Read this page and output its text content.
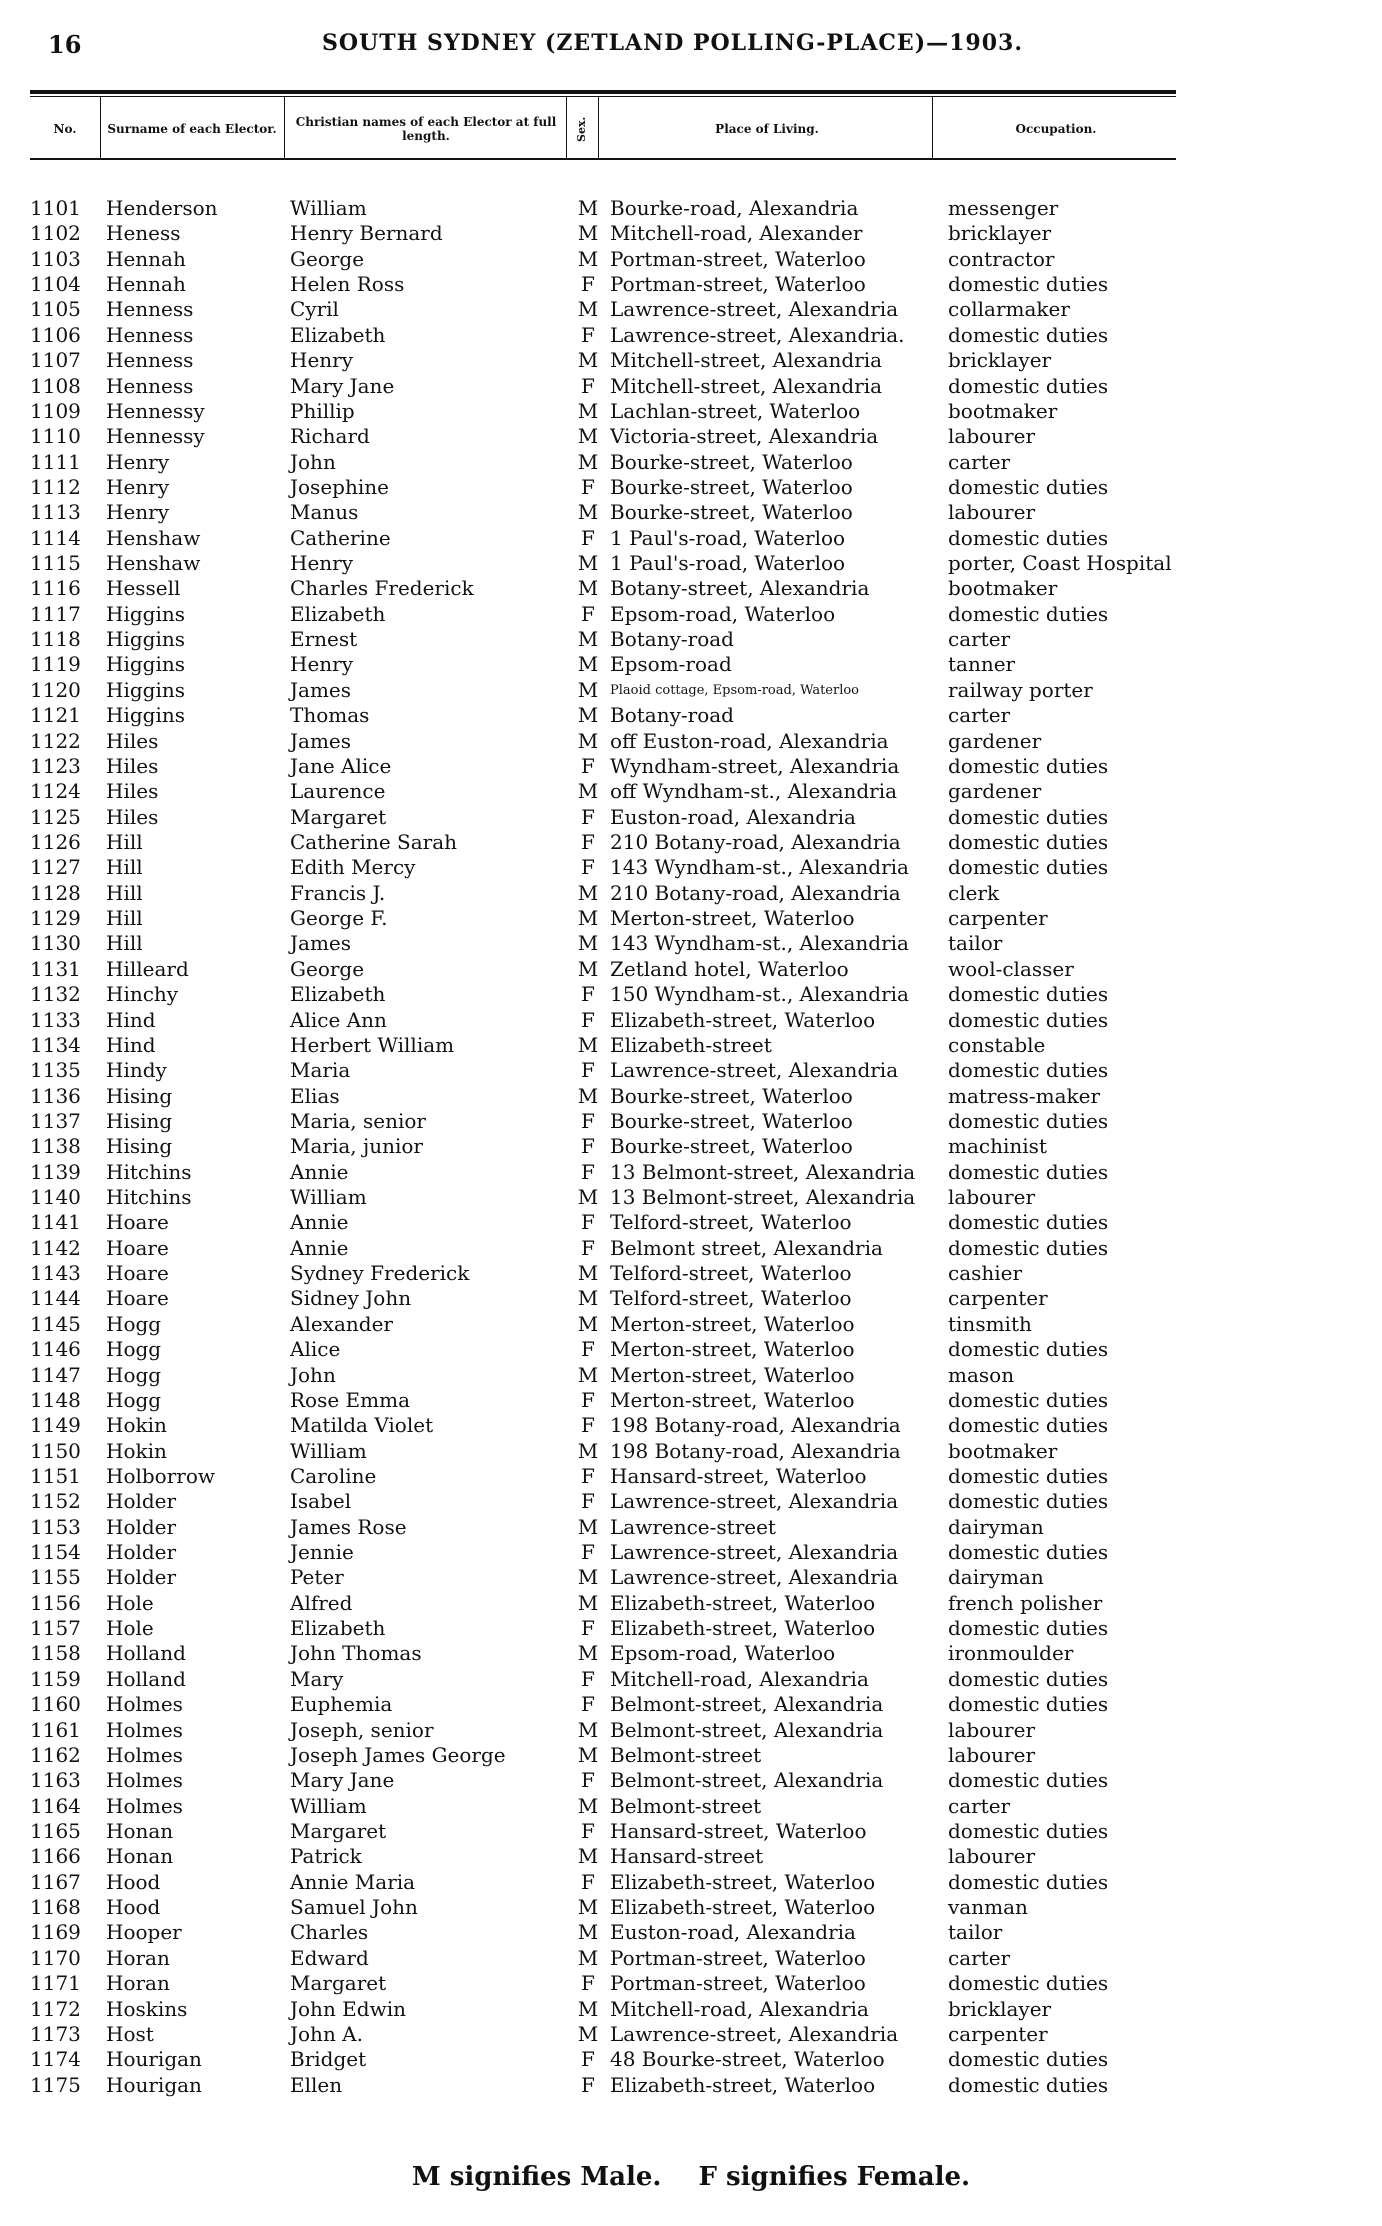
16	SOUTH SYDNEY (ZETLAND POLLING-PLACE)—1903.
No.	Surname of each Elector.	Christian names of each Elector at full length.	Sex.	Place of Living.	Occupation.
1101	Henderson	William	M Bourke-road, Alexandria	messenger
1102	Heness	Henry Bernard	M Mitchell-road, Alexander	bricklayer
1103	Hennah	George	M Portman-street, Waterloo	contractor
1104	Hennah	Helen Ross	F Portman-street, Waterloo	domestic duties
1105	Henness	Cyril	M Lawrence-street, Alexandria	collarmaker
1106	Henness	Elizabeth	F Lawrence-street, Alexandria.	domestic duties
1107	Henness	Henry	M Mitchell-street, Alexandria	bricklayer
1108	Henness	Mary Jane	F Mitchell-street, Alexandria	domestic duties
1109	Hennessy	Phillip	M Lachlan-street, Waterloo	bootmaker
1110	Hennessy	Richard	M Victoria-street, Alexandria	labourer
1111	Henry	John	M Bourke-street, Waterloo	carter
1112	Henry	Josephine	F Bourke-street, Waterloo	domestic duties
1113	Henry	Manus	M Bourke-street, Waterloo	labourer
1114	Henshaw	Catherine	F 1 Paul's-road, Waterloo	domestic duties
1115	Henshaw	Henry	M 1 Paul's-road, Waterloo	porter, Coast Hospital
1116	Hessell	Charles Frederick	M Botany-street, Alexandria	bootmaker
1117	Higgins	Elizabeth	F Epsom-road, Waterloo	domestic duties
1118	Higgins	Ernest	M Botany-road	carter
1119	Higgins	Henry	M Epsom-road	tanner
1120	Higgins	James	M Plaoid cottage, Epsom-road, Waterloo	railway porter
1121	Higgins	Thomas	M Botany-road	carter
1122	Hiles	James	M off Euston-road, Alexandria	gardener
1123	Hiles	Jane Alice	F Wyndham-street, Alexandria	domestic duties
1124	Hiles	Laurence	M off Wyndham-st., Alexandria	gardener
1125	Hiles	Margaret	F Euston-road, Alexandria	domestic duties
1126	Hill	Catherine Sarah	F 210 Botany-road, Alexandria	domestic duties
1127	Hill	Edith Mercy	F 143 Wyndham-st., Alexandria	domestic duties
1128	Hill	Francis J.	M 210 Botany-road, Alexandria	clerk
1129	Hill	George F.	M Merton-street, Waterloo	carpenter
1130	Hill	James	M 143 Wyndham-st., Alexandria	tailor
1131	Hilleard	George	M Zetland hotel, Waterloo	wool-classer
1132	Hinchy	Elizabeth	F 150 Wyndham-st., Alexandria	domestic duties
1133	Hind	Alice Ann	F Elizabeth-street, Waterloo	domestic duties
1134	Hind	Herbert William	M Elizabeth-street	constable
1135	Hindy	Maria	F Lawrence-street, Alexandria	domestic duties
1136	Hising	Elias	M Bourke-street, Waterloo	matress-maker
1137	Hising	Maria, senior	F Bourke-street, Waterloo	domestic duties
1138	Hising	Maria, junior	F Bourke-street, Waterloo	machinist
1139	Hitchins	Annie	F 13 Belmont-street, Alexandria	domestic duties
1140	Hitchins	William	M 13 Belmont-street, Alexandria	labourer
1141	Hoare	Annie	F Telford-street, Waterloo	domestic duties
1142	Hoare	Annie	F Belmont street, Alexandria	domestic duties
1143	Hoare	Sydney Frederick	M Telford-street, Waterloo	cashier
1144	Hoare	Sidney John	M Telford-street, Waterloo	carpenter
1145	Hogg	Alexander	M Merton-street, Waterloo	tinsmith
1146	Hogg	Alice	F Merton-street, Waterloo	domestic duties
1147	Hogg	John	M Merton-street, Waterloo	mason
1148	Hogg	Rose Emma	F Merton-street, Waterloo	domestic duties
1149	Hokin	Matilda Violet	F 198 Botany-road, Alexandria	domestic duties
1150	Hokin	William	M 198 Botany-road, Alexandria	bootmaker
1151	Holborrow	Caroline	F Hansard-street, Waterloo	domestic duties
1152	Holder	Isabel	F Lawrence-street, Alexandria	domestic duties
1153	Holder	James Rose	M Lawrence-street	dairyman
1154	Holder	Jennie	F Lawrence-street, Alexandria	domestic duties
1155	Holder	Peter	M Lawrence-street, Alexandria	dairyman
1156	Hole	Alfred	M Elizabeth-street, Waterloo	french polisher
1157	Hole	Elizabeth	F Elizabeth-street, Waterloo	domestic duties
1158	Holland	John Thomas	M Epsom-road, Waterloo	ironmoulder
1159	Holland	Mary	F Mitchell-road, Alexandria	domestic duties
1160	Holmes	Euphemia	F Belmont-street, Alexandria	domestic duties
1161	Holmes	Joseph, senior	M Belmont-street, Alexandria	labourer
1162	Holmes	Joseph James George	M Belmont-street	labourer
1163	Holmes	Mary Jane	F Belmont-street, Alexandria	domestic duties
1164	Holmes	William	M Belmont-street	carter
1165	Honan	Margaret	F Hansard-street, Waterloo	domestic duties
1166	Honan	Patrick	M Hansard-street	labourer
1167	Hood	Annie Maria	F Elizabeth-street, Waterloo	domestic duties
1168	Hood	Samuel John	M Elizabeth-street, Waterloo	vanman
1169	Hooper	Charles	M Euston-road, Alexandria	tailor
1170	Horan	Edward	M Portman-street, Waterloo	carter
1171	Horan	Margaret	F Portman-street, Waterloo	domestic duties
1172	Hoskins	John Edwin	M Mitchell-road, Alexandria	bricklayer
1173	Host	John A.	M Lawrence-street, Alexandria	carpenter
1174	Hourigan	Bridget	F 48 Bourke-street, Waterloo	domestic duties
1175	Hourigan	Ellen	F Elizabeth-street, Waterloo	domestic duties
M signifies Male. F signifies Female.
